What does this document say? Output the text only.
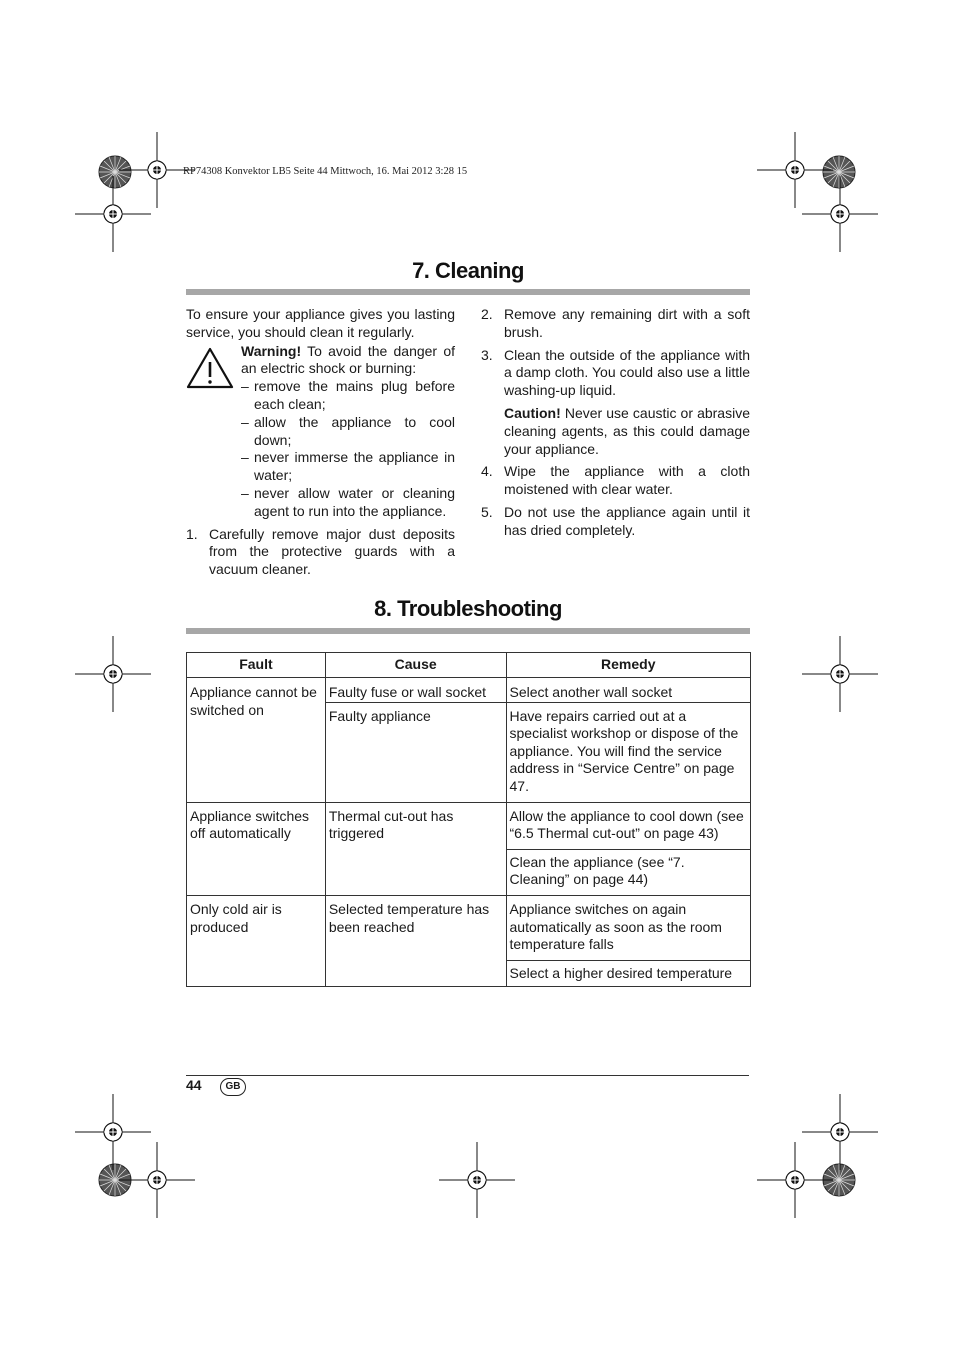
RP74308 Konvektor LB5 Seite 44 Mittwoch, 16. Mai 2012 3:28 15
7. Cleaning

To ensure your appliance gives you lasting service, you should clean it regularly.

Warning! To avoid the danger of an electric shock or burning:

– remove the mains plug before each clean;
– allow the appliance to cool down;
– never immerse the appliance in water;
– never allow water or cleaning agent to run into the appliance.
1. Carefully remove major dust deposits from the protective guards with a vacuum cleaner.
2. Remove any remaining dirt with a soft brush.
3. Clean the outside of the appliance with a damp cloth. You could also use a little washing-up liquid.
Caution! Never use caustic or abrasive cleaning agents, as this could damage your appliance.
4. Wipe the appliance with a cloth moistened with clear water.
5. Do not use the appliance again until it has dried completely.
8. Troubleshooting
Fault	Cause	Remedy
Appliance cannot be switched on	Faulty fuse or wall socket	Select another wall socket
	Faulty appliance	Have repairs carried out at a specialist workshop or dispose of the appliance. You will find the service address in “Service Centre” on page 47.
Appliance switches off automatically	Thermal cut-out has triggered	Allow the appliance to cool down (see “6.5 Thermal cut-out” on page 43)
		Clean the appliance (see “7. Cleaning” on page 44)
Only cold air is produced	Selected temperature has been reached	Appliance switches on again automatically as soon as the room temperature falls
		Select a higher desired temperature
44	GB
